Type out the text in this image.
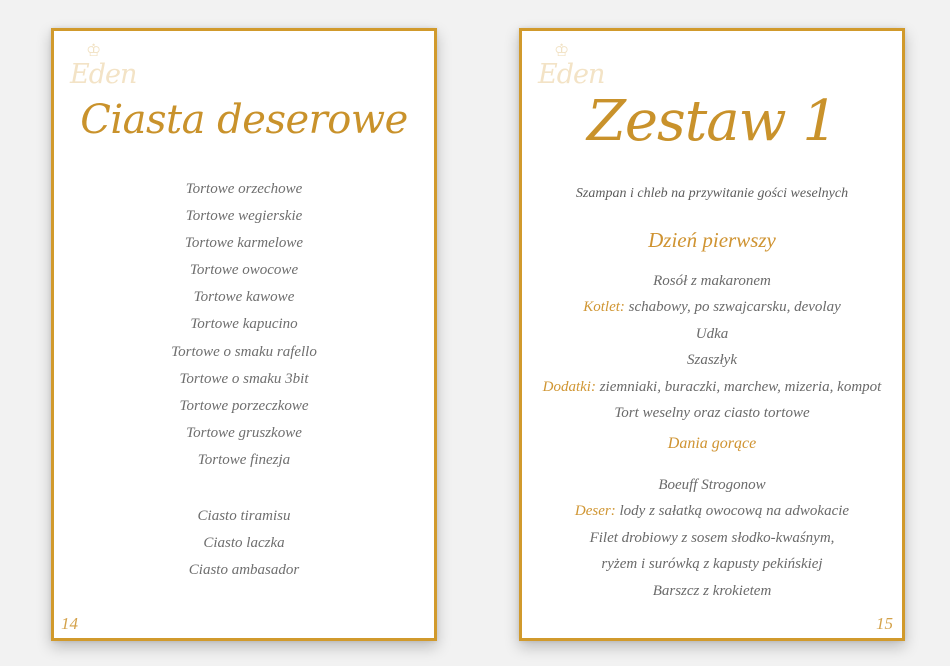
♔
Eden
Ciasta deserowe
Tortowe orzechowe
Tortowe wegierskie
Tortowe karmelowe
Tortowe owocowe
Tortowe kawowe
Tortowe kapucino
Tortowe o smaku rafello
Tortowe o smaku 3bit
Tortowe porzeczkowe
Tortowe gruszkowe
Tortowe finezja
Ciasto tiramisu
Ciasto laczka
Ciasto ambasador
14
♔
Eden
Zestaw 1
Szampan i chleb na przywitanie gości weselnych
Dzień pierwszy
Rosół z makaronem
Kotlet: schabowy, po szwajcarsku, devolay
Udka
Szaszłyk
Dodatki: ziemniaki, buraczki, marchew, mizeria, kompot
Tort weselny oraz ciasto tortowe
Dania gorące
Boeuff Strogonow
Deser: lody z sałatką owocową na adwokacie
Filet drobiowy z sosem słodko-kwaśnym,
ryżem i surówką z kapusty pekińskiej
Barszcz z krokietem
15
